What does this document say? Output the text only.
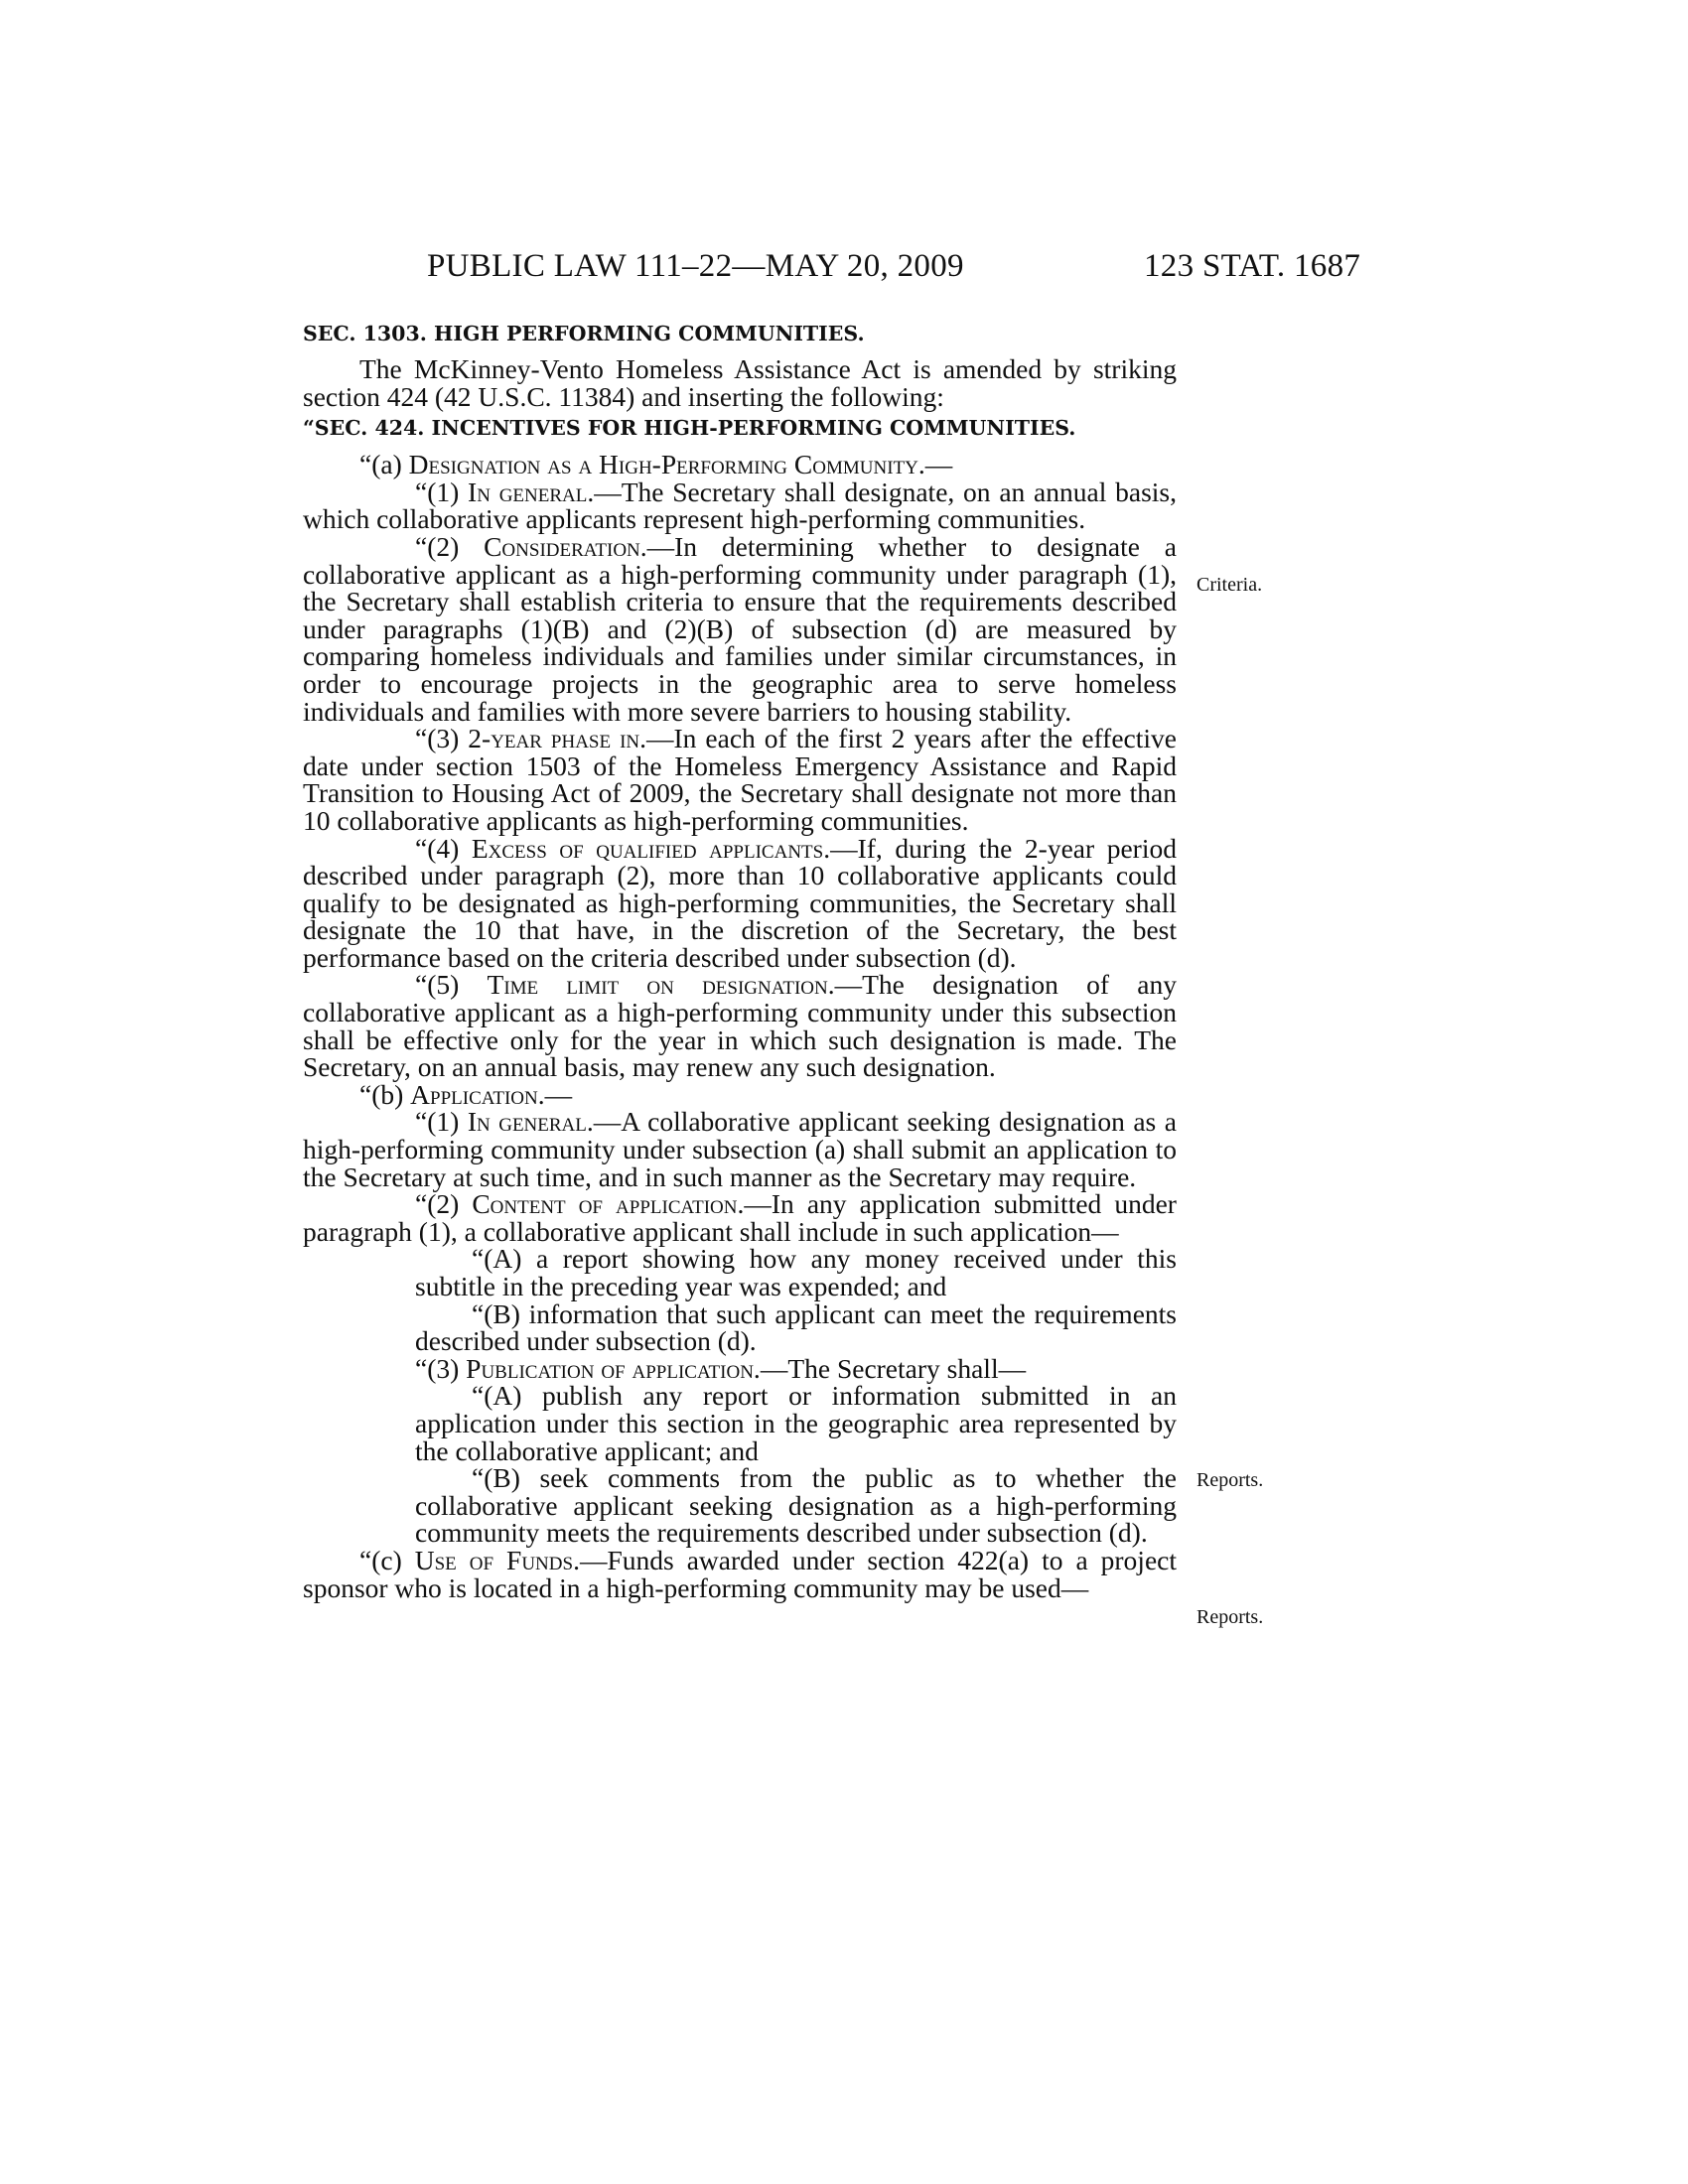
PUBLIC LAW 111–22—MAY 20, 2009	123 STAT. 1687
Criteria.
Reports.
Reports.
SEC. 1303. HIGH PERFORMING COMMUNITIES.

The McKinney-Vento Homeless Assistance Act is amended by striking section 424 (42 U.S.C. 11384) and inserting the following:

“SEC. 424. INCENTIVES FOR HIGH-PERFORMING COMMUNITIES.

“(a) Designation as a High-Performing Community.—

“(1) In general.—The Secretary shall designate, on an annual basis, which collaborative applicants represent high-performing communities.

“(2) Consideration.—In determining whether to designate a collaborative applicant as a high-performing community under paragraph (1), the Secretary shall establish criteria to ensure that the requirements described under paragraphs (1)(B) and (2)(B) of subsection (d) are measured by comparing homeless individuals and families under similar circumstances, in order to encourage projects in the geographic area to serve homeless individuals and families with more severe barriers to housing stability.

“(3) 2-year phase in.—In each of the first 2 years after the effective date under section 1503 of the Homeless Emergency Assistance and Rapid Transition to Housing Act of 2009, the Secretary shall designate not more than 10 collaborative applicants as high-performing communities.

“(4) Excess of qualified applicants.—If, during the 2-year period described under paragraph (2), more than 10 collaborative applicants could qualify to be designated as high-performing communities, the Secretary shall designate the 10 that have, in the discretion of the Secretary, the best performance based on the criteria described under subsection (d).

“(5) Time limit on designation.—The designation of any collaborative applicant as a high-performing community under this subsection shall be effective only for the year in which such designation is made. The Secretary, on an annual basis, may renew any such designation.

“(b) Application.—

“(1) In general.—A collaborative applicant seeking designation as a high-performing community under subsection (a) shall submit an application to the Secretary at such time, and in such manner as the Secretary may require.

“(2) Content of application.—In any application submitted under paragraph (1), a collaborative applicant shall include in such application—

“(A) a report showing how any money received under this subtitle in the preceding year was expended; and

“(B) information that such applicant can meet the requirements described under subsection (d).

“(3) Publication of application.—The Secretary shall—

“(A) publish any report or information submitted in an application under this section in the geographic area represented by the collaborative applicant; and

“(B) seek comments from the public as to whether the collaborative applicant seeking designation as a high-performing community meets the requirements described under subsection (d).

“(c) Use of Funds.—Funds awarded under section 422(a) to a project sponsor who is located in a high-performing community may be used—
